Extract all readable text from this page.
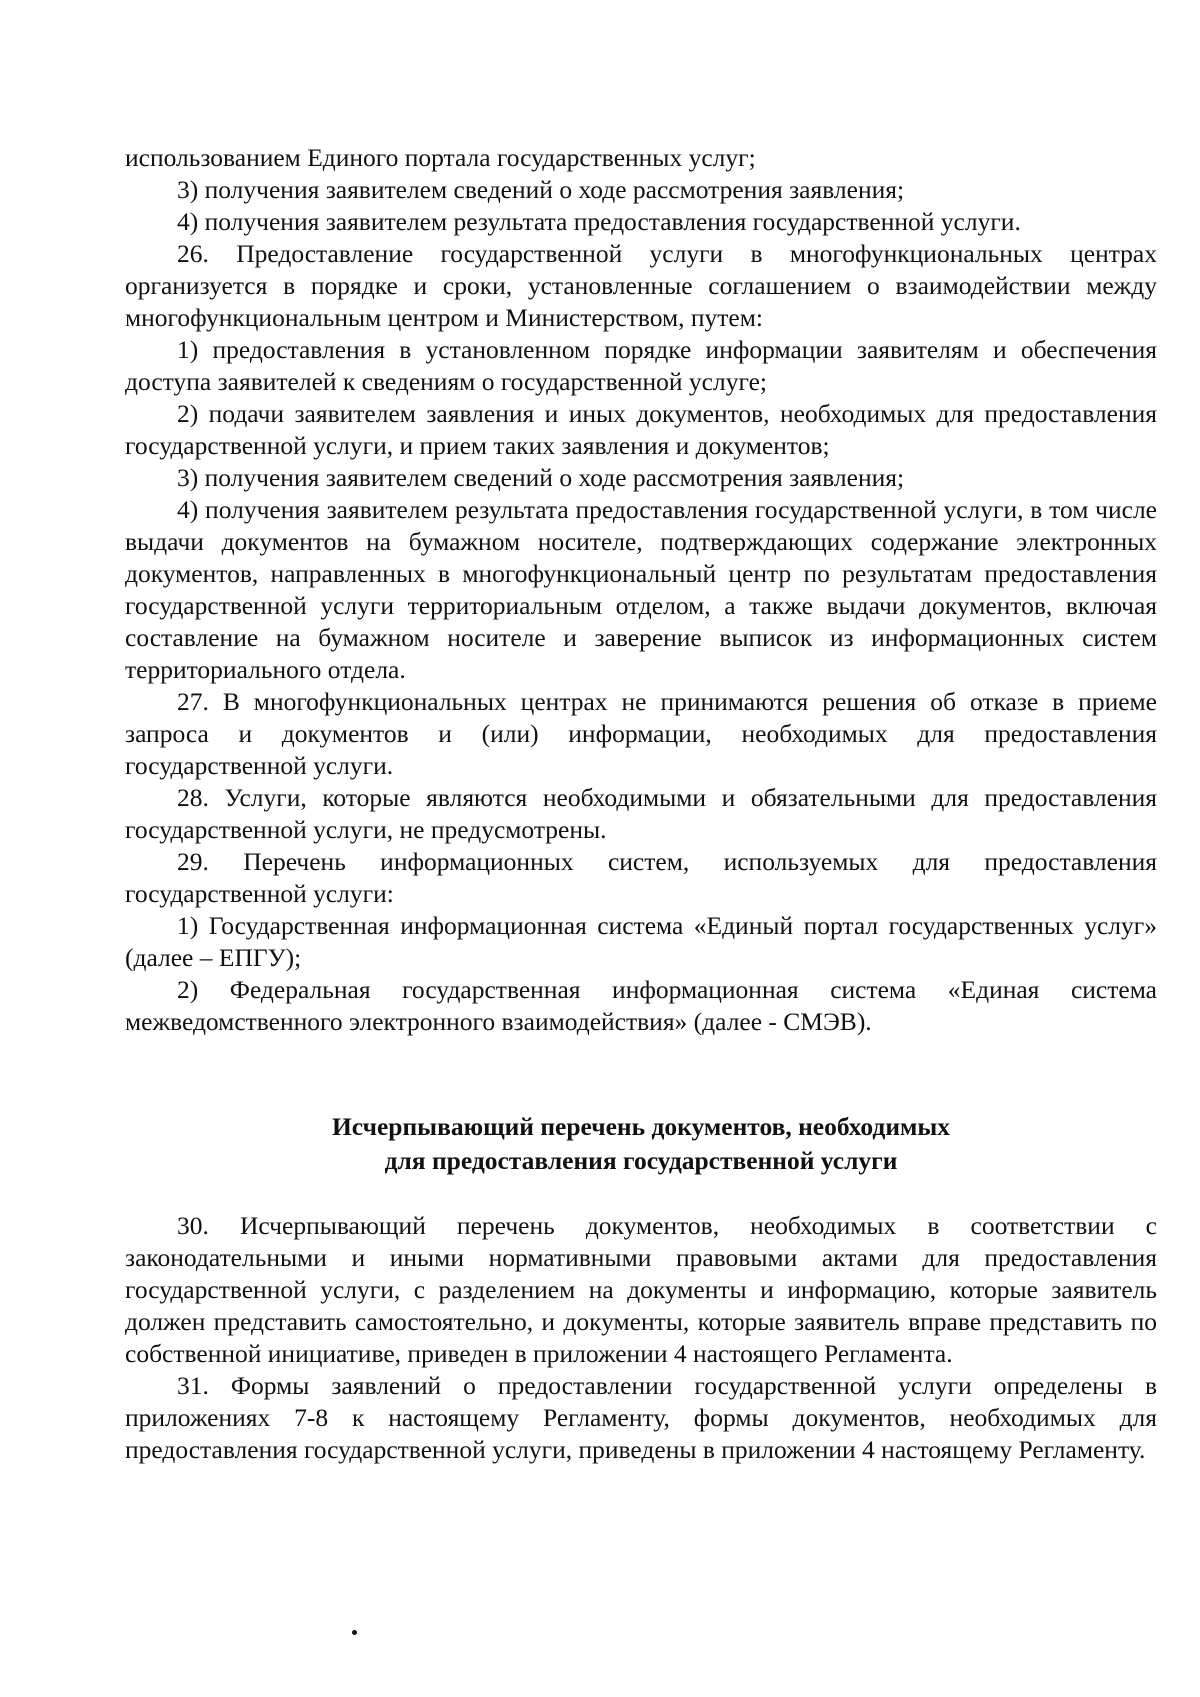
использованием Единого портала государственных услуг;

3) получения заявителем сведений о ходе рассмотрения заявления;

4) получения заявителем результата предоставления государственной услуги.

26. Предоставление государственной услуги в многофункциональных центрах организуется в порядке и сроки, установленные соглашением о взаимодействии между многофункциональным центром и Министерством, путем:

1) предоставления в установленном порядке информации заявителям и обеспечения доступа заявителей к сведениям о государственной услуге;

2) подачи заявителем заявления и иных документов, необходимых для предоставления государственной услуги, и прием таких заявления и документов;

3) получения заявителем сведений о ходе рассмотрения заявления;

4) получения заявителем результата предоставления государственной услуги, в том числе выдачи документов на бумажном носителе, подтверждающих содержание электронных документов, направленных в многофункциональный центр по результатам предоставления государственной услуги территориальным отделом, а также выдачи документов, включая составление на бумажном носителе и заверение выписок из информационных систем территориального отдела.

27. В многофункциональных центрах не принимаются решения об отказе в приеме запроса и документов и (или) информации, необходимых для предоставления государственной услуги.

28. Услуги, которые являются необходимыми и обязательными для предоставления государственной услуги, не предусмотрены.

29. Перечень информационных систем, используемых для предоставления государственной услуги:

1) Государственная информационная система «Единый портал государственных услуг» (далее – ЕПГУ);

2) Федеральная государственная информационная система «Единая система межведомственного электронного взаимодействия» (далее - СМЭВ).

Исчерпывающий перечень документов, необходимых

для предоставления государственной услуги

30. Исчерпывающий перечень документов, необходимых в соответствии с законодательными и иными нормативными правовыми актами для предоставления государственной услуги, с разделением на документы и информацию, которые заявитель должен представить самостоятельно, и документы, которые заявитель вправе представить по собственной инициативе, приведен в приложении 4 настоящего Регламента.

31. Формы заявлений о предоставлении государственной услуги определены в приложениях 7-8 к настоящему Регламенту, формы документов, необходимых для предоставления государственной услуги, приведены в приложении 4 настоящему Регламенту.
